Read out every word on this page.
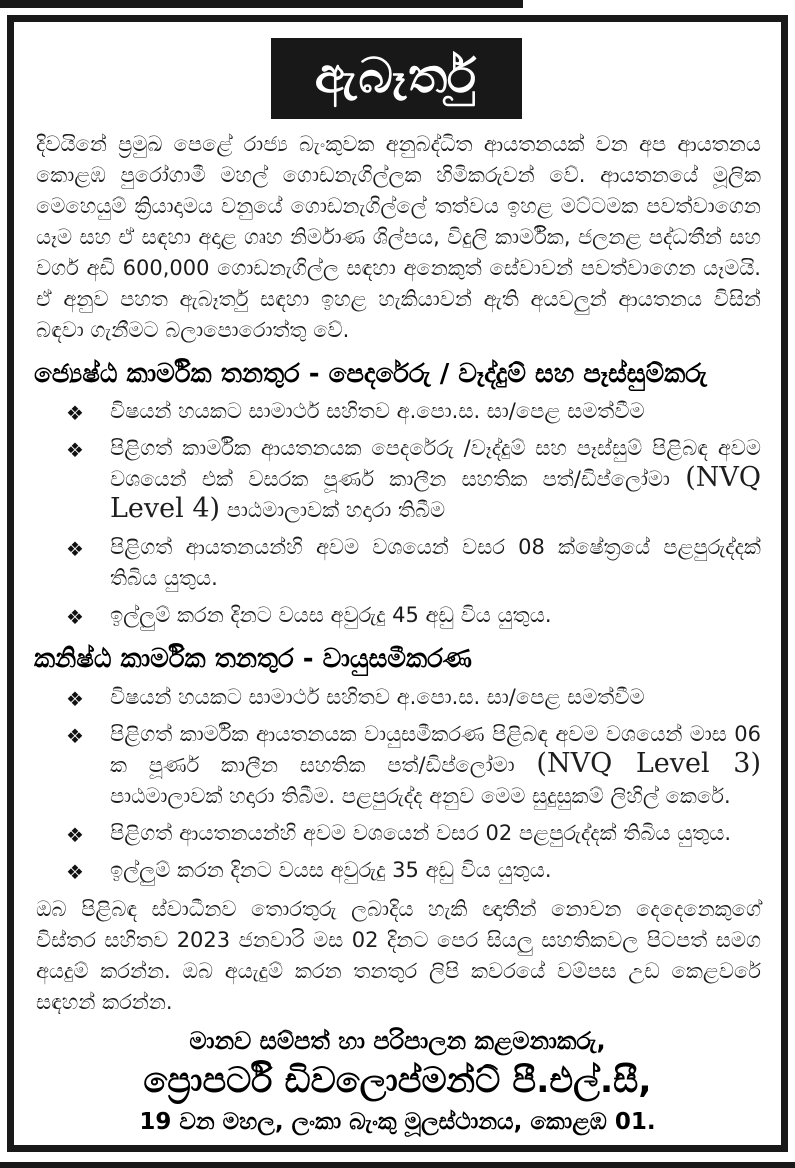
ඇබෑර්තු

දිවයිනේ ප්‍රමුඛ පෙළේ රාජ්‍ය බැංකුවක අනුබද්ධිත ආයතනයක් වන අප ආයතනය කොළඹ පුරෝගාමී මහල් ගොඩනැගිල්ලක හිමිකරුවන් වේ. ආයතනයේ මූලික මෙහෙයුම් ක්‍රියාදාමය වනුයේ ගොඩනැගිල්ලේ තත්වය ඉහළ මට්ටමක පවත්වාගෙන යෑම සහ ඒ සඳහා අදාළ ගෘහ නිර්මාණ ශිල්පය, විදුලි කාර්මික, ජලනළ පද්ධතීන් සහ වර්ග අඩි 600,000 ගොඩනැගිල්ල සඳහා අනෙකුත් සේවාවන් පවත්වාගෙන යෑමයි. ඒ අනුව පහත ඇබෑර්තු සඳහා ඉහළ හැකියාවන් ඇති අයවලුන් ආයතනය විසින් බඳවා ගැනීමට බලාපොරොත්තු වේ.

ජ්‍යෙෂ්ඨ කාර්මික තනතුර - පෙදරේරු / වෑද්දුම් සහ පෑස්සුම්කරු
❖ විෂයන් හයකට සාමාර්ථ සහිතව අ.පො.ස. සා/පෙළ සමත්වීම
❖ පිළිගත් කාර්මික ආයතනයක පෙදරේරු /වෑද්දුම් සහ පෑස්සුම් පිළිබඳ අවම වශයෙන් එක් වසරක පූර්ණ කාලීන සහතික පත්/ඩිප්ලෝමා (NVQ Level 4) පාඨමාලාවක් හදාරා තිබීම
❖ පිළිගත් ආයතනයන්හි අවම වශයෙන් වසර 08 ක්ෂේත්‍රයේ පළපුරුද්දක් තිබිය යුතුය.
❖ ඉල්ලුම් කරන දිනට වයස අවුරුදු 45 අඩු විය යුතුය.
කනිෂ්ඨ කාර්මික තනතුර - වායුසමීකරණ
❖ විෂයන් හයකට සාමාර්ථ සහිතව අ.පො.ස. සා/පෙළ සමත්වීම
❖ පිළිගත් කාර්මික ආයතනයක වායුසමීකරණ පිළිබඳ අවම වශයෙන් මාස 06 ක පූර්ණ කාලීන සහතික පත්/ඩිප්ලෝමා (NVQ Level 3) පාඨමාලාවක් හදාරා තිබීම. පළපුරුද්ද අනුව මෙම සුදුසුකම් ලිහිල් කෙරේ.
❖ පිළිගත් ආයතනයන්හි අවම වශයෙන් වසර 02 පළපුරුද්දක් තිබිය යුතුය.
❖ ඉල්ලුම් කරන දිනට වයස අවුරුදු 35 අඩු විය යුතුය.

ඔබ පිළිබඳ ස්වාධීනව තොරතුරු ලබාදිය හැකි ඥාතීන් නොවන දෙදෙනෙකුගේ විස්තර සහිතව 2023 ජනවාරි මස 02 දිනට පෙර සියලු සහතිකවල පිටපත් සමග අයදුම් කරන්න. ඔබ අයැදුම් කරන තනතුර ලිපි කවරයේ වම්පස උඩ කෙළවරේ සඳහන් කරන්න.

මානව සම්පත් හා පරිපාලන කළමනාකරු,
ප්‍රොපර්ටි ඩිවලොප්මන්ට් පී.එල්.සී,
19 වන මහල, ලංකා බැංකු මූලස්ථානය, කොළඹ 01.
